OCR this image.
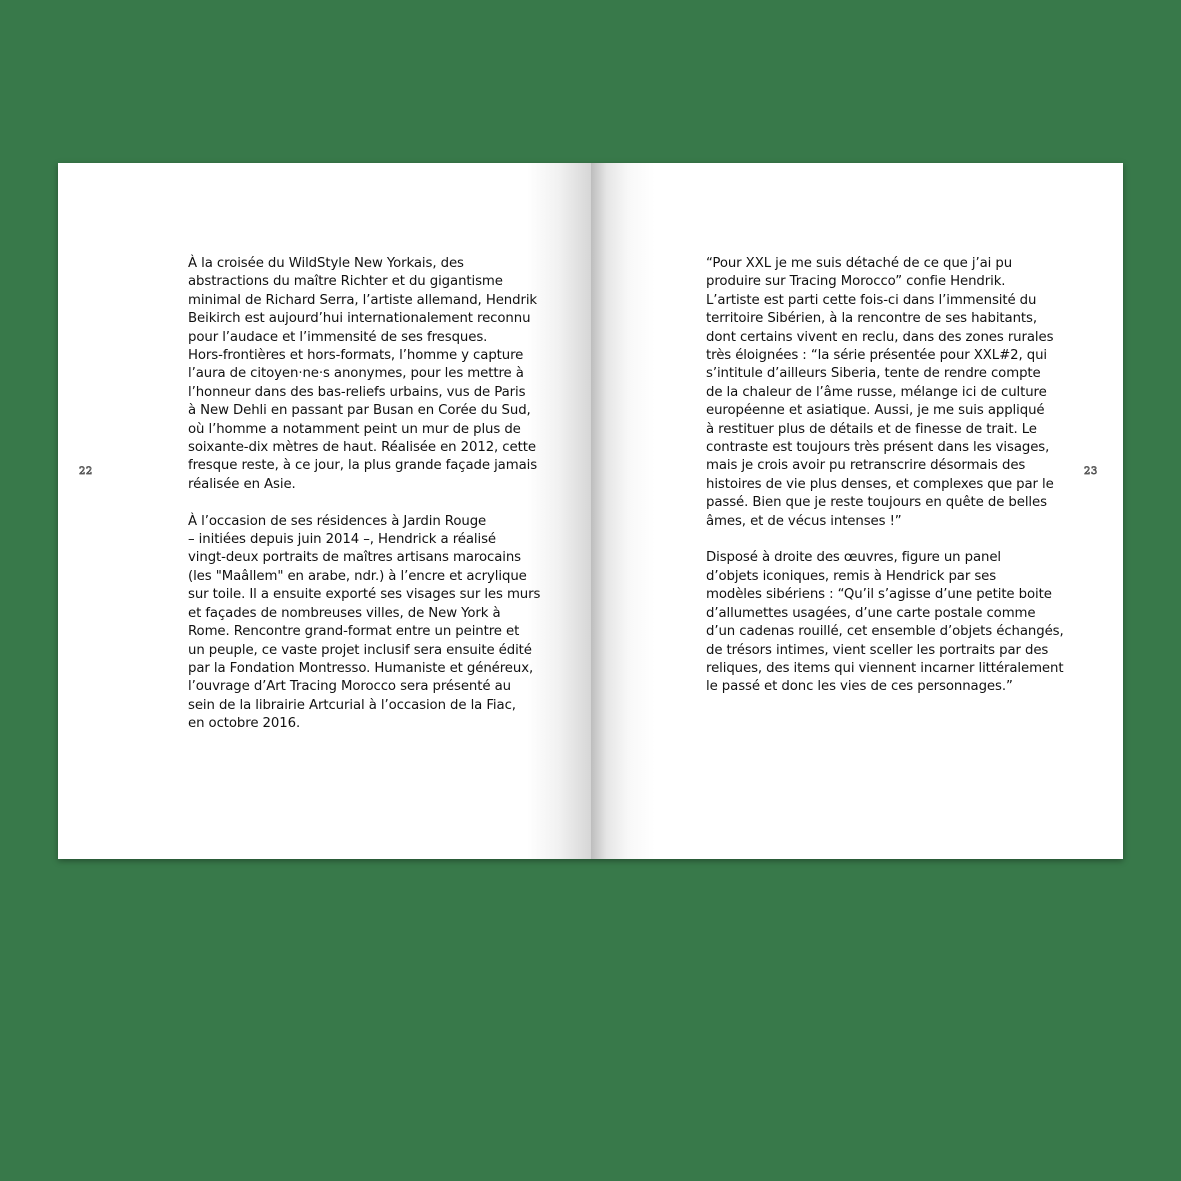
22

À la croisée du WildStyle New Yorkais, des
abstractions du maître Richter et du gigantisme
minimal de Richard Serra, l’artiste allemand, Hendrik
Beikirch est aujourd’hui internationalement reconnu
pour l’audace et l’immensité de ses fresques.
Hors-frontières et hors-formats, l’homme y capture
l’aura de citoyen·ne·s anonymes, pour les mettre à
l’honneur dans des bas-reliefs urbains, vus de Paris
à New Dehli en passant par Busan en Corée du Sud,
où l’homme a notamment peint un mur de plus de
soixante-dix mètres de haut. Réalisée en 2012, cette
fresque reste, à ce jour, la plus grande façade jamais
réalisée en Asie.

À l’occasion de ses résidences à Jardin Rouge
– initiées depuis juin 2014 –, Hendrick a réalisé
vingt-deux portraits de maîtres artisans marocains
(les "Maâllem" en arabe, ndr.) à l’encre et acrylique
sur toile. Il a ensuite exporté ses visages sur les murs
et façades de nombreuses villes, de New York à
Rome. Rencontre grand-format entre un peintre et
un peuple, ce vaste projet inclusif sera ensuite édité
par la Fondation Montresso. Humaniste et généreux,
l’ouvrage d’Art Tracing Morocco sera présenté au
sein de la librairie Artcurial à l’occasion de la Fiac,
en octobre 2016.

“Pour XXL je me suis détaché de ce que j’ai pu
produire sur Tracing Morocco” confie Hendrik.
L’artiste est parti cette fois-ci dans l’immensité du
territoire Sibérien, à la rencontre de ses habitants,
dont certains vivent en reclu, dans des zones rurales
très éloignées : “la série présentée pour XXL#2, qui
s’intitule d’ailleurs Siberia, tente de rendre compte
de la chaleur de l’âme russe, mélange ici de culture
européenne et asiatique. Aussi, je me suis appliqué
à restituer plus de détails et de finesse de trait. Le
contraste est toujours très présent dans les visages,
mais je crois avoir pu retranscrire désormais des
histoires de vie plus denses, et complexes que par le
passé. Bien que je reste toujours en quête de belles
âmes, et de vécus intenses !”

Disposé à droite des œuvres, figure un panel
d’objets iconiques, remis à Hendrick par ses
modèles sibériens : “Qu’il s’agisse d’une petite boite
d’allumettes usagées, d’une carte postale comme
d’un cadenas rouillé, cet ensemble d’objets échangés,
de trésors intimes, vient sceller les portraits par des
reliques, des items qui viennent incarner littéralement
le passé et donc les vies de ces personnages.”

23
